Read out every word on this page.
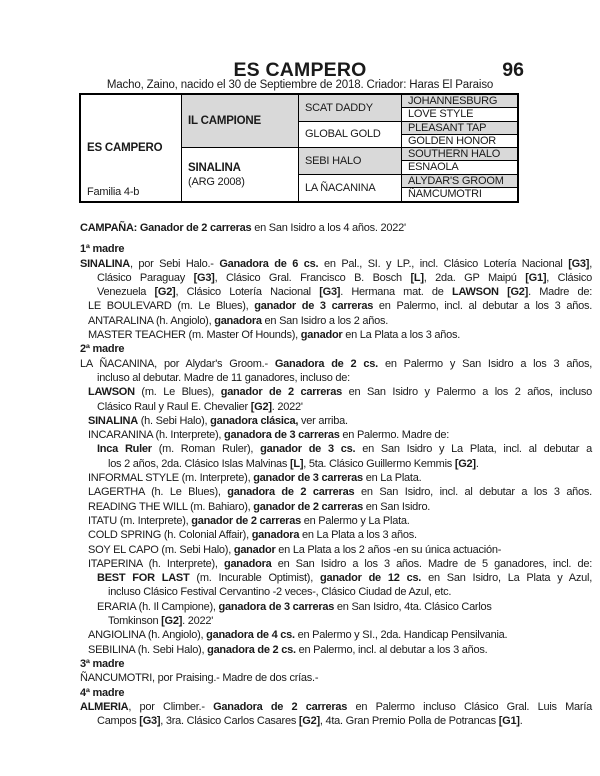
ES CAMPERO	96
Macho, Zaino, nacido el 30 de Septiembre de 2018. Criador: Haras El Paraiso
ES CAMPERO
Familia 4-b
IL CAMPIONE
SINALINA
(ARG 2008)
SCAT DADDY
GLOBAL GOLD
SEBI HALO
LA ÑACANINA
JOHANNESBURG
LOVE STYLE
PLEASANT TAP
GOLDEN HONOR
SOUTHERN HALO
ESNAOLA
ALYDAR'S GROOM
ÑAMCUMOTRI
CAMPAÑA: Ganador de 2 carreras en San Isidro a los 4 años. 2022'
1ª madre
SINALINA, por Sebi Halo.- Ganadora de 6 cs. en Pal., SI. y LP., incl. Clásico Lotería Nacional [G3],
Clásico Paraguay [G3], Clásico Gral. Francisco B. Bosch [L], 2da. GP Maipú [G1], Clásico
Venezuela [G2], Clásico Lotería Nacional [G3]. Hermana mat. de LAWSON [G2]. Madre de:
LE BOULEVARD (m. Le Blues), ganador de 3 carreras en Palermo, incl. al debutar a los 3 años.
ANTARALINA (h. Angiolo), ganadora en San Isidro a los 2 años.
MASTER TEACHER (m. Master Of Hounds), ganador en La Plata a los 3 años.
2ª madre
LA ÑACANINA, por Alydar's Groom.- Ganadora de 2 cs. en Palermo y San Isidro a los 3 años,
incluso al debutar. Madre de 11 ganadores, incluso de:
LAWSON (m. Le Blues), ganador de 2 carreras en San Isidro y Palermo a los 2 años, incluso
Clásico Raul y Raul E. Chevalier [G2]. 2022'
SINALINA (h. Sebi Halo), ganadora clásica, ver arriba.
INCARANINA (h. Interprete), ganadora de 3 carreras en Palermo. Madre de:
Inca Ruler (m. Roman Ruler), ganador de 3 cs. en San Isidro y La Plata, incl. al debutar a
los 2 años, 2da. Clásico Islas Malvinas [L], 5ta. Clásico Guillermo Kemmis [G2].
INFORMAL STYLE (m. Interprete), ganador de 3 carreras en La Plata.
LAGERTHA (h. Le Blues), ganadora de 2 carreras en San Isidro, incl. al debutar a los 3 años.
READING THE WILL (m. Bahiaro), ganador de 2 carreras en San Isidro.
ITATU (m. Interprete), ganador de 2 carreras en Palermo y La Plata.
COLD SPRING (h. Colonial Affair), ganadora en La Plata a los 3 años.
SOY EL CAPO (m. Sebi Halo), ganador en La Plata a los 2 años -en su única actuación-
ITAPERINA (h. Interprete), ganadora en San Isidro a los 3 años. Madre de 5 ganadores, incl. de:
BEST FOR LAST (m. Incurable Optimist), ganador de 12 cs. en San Isidro, La Plata y Azul,
incluso Clásico Festival Cervantino -2 veces-, Clásico Ciudad de Azul, etc.
ERARIA (h. Il Campione), ganadora de 3 carreras en San Isidro, 4ta. Clásico Carlos
Tomkinson [G2]. 2022'
ANGIOLINA (h. Angiolo), ganadora de 4 cs. en Palermo y SI., 2da. Handicap Pensilvania.
SEBILINA (h. Sebi Halo), ganadora de 2 cs. en Palermo, incl. al debutar a los 3 años.
3ª madre
ÑANCUMOTRI, por Praising.- Madre de dos crías.-
4ª madre
ALMERIA, por Climber.- Ganadora de 2 carreras en Palermo incluso Clásico Gral. Luis María
Campos [G3], 3ra. Clásico Carlos Casares [G2], 4ta. Gran Premio Polla de Potrancas [G1].
